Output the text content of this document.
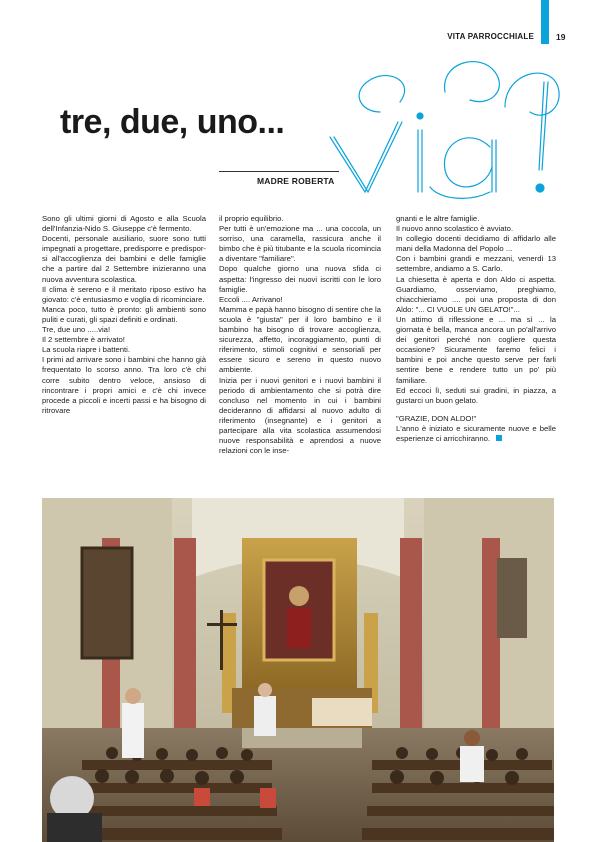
VITA PARROCCHIALE	19
tre, due, uno...
via!
MADRE ROBERTA

Sono gli ultimi giorni di Agosto e alla Scuola dell'Infanzia-Nido S. Giuseppe c'è fermento.

Docenti, personale ausiliario, suore sono tutti impegnati a progettare, predisporre e predispor-si all'accoglienza dei bambini e delle famiglie che a partire dal 2 Settembre inizieranno una nuova avventura scolastica.

Il clima è sereno e il meritato riposo estivo ha giovato: c'è entusiasmo e voglia di ricominciare.

Manca poco, tutto è pronto: gli ambienti sono puliti e curati, gli spazi definiti e ordinati.

Tre, due uno .....via!

Il 2 settembre è arrivato!

La scuola riapre i battenti.

I primi ad arrivare sono i bambini che hanno già frequentato lo scorso anno. Tra loro c'è chi corre subito dentro veloce, ansioso di rincontrare i propri amici e c'è chi invece procede a piccoli e incerti passi e ha bisogno di ritrovare

il proprio equilibrio.

Per tutti è un'emozione ma ... una coccola, un sorriso, una caramella, rassicura anche il bimbo che è più titubante e la scuola ricomincia a diventare "familiare".

Dopo qualche giorno una nuova sfida ci aspetta: l'ingresso dei nuovi iscritti con le loro famiglie.

Eccoli .... Arrivano!

Mamma e papà hanno bisogno di sentire che la scuola è "giusta" per il loro bambino e il bambino ha bisogno di trovare accoglienza, sicurezza, affetto, incoraggiamento, punti di riferimento, stimoli cognitivi e sensoriali per essere sicuro e sereno in questo nuovo ambiente.

Inizia per i nuovi genitori e i nuovi bambini il periodo di ambientamento che si potrà dire concluso nel momento in cui i bambini decideranno di affidarsi al nuovo adulto di riferimento (insegnante) e i genitori a partecipare alla vita scolastica assumendosi nuove responsabilità e aprendosi a nuove relazioni con le inse-

gnanti e le altre famiglie.

Il nuovo anno scolastico è avviato.

In collegio docenti decidiamo di affidarlo alle mani della Madonna del Popolo ...

Con i bambini grandi e mezzani, venerdì 13 settembre, andiamo a S. Carlo.

La chiesetta è aperta e don Aldo ci aspetta. Guardiamo, osserviamo, preghiamo, chiacchieriamo .... poi una proposta di don Aldo: "... CI VUOLE UN GELATO!"...

Un attimo di riflessione e ... ma sì ... la giornata è bella, manca ancora un po'all'arrivo dei genitori perché non cogliere questa occasione? Sicuramente faremo felici i bambini e poi anche questo serve per farli sentire bene e rendere tutto un po' più familiare.

Ed eccoci lì, seduti sui gradini, in piazza, a gustarci un buon gelato.

"GRAZIE, DON ALDO!"

L'anno è iniziato e sicuramente nuove e belle esperienze ci arricchiranno.
